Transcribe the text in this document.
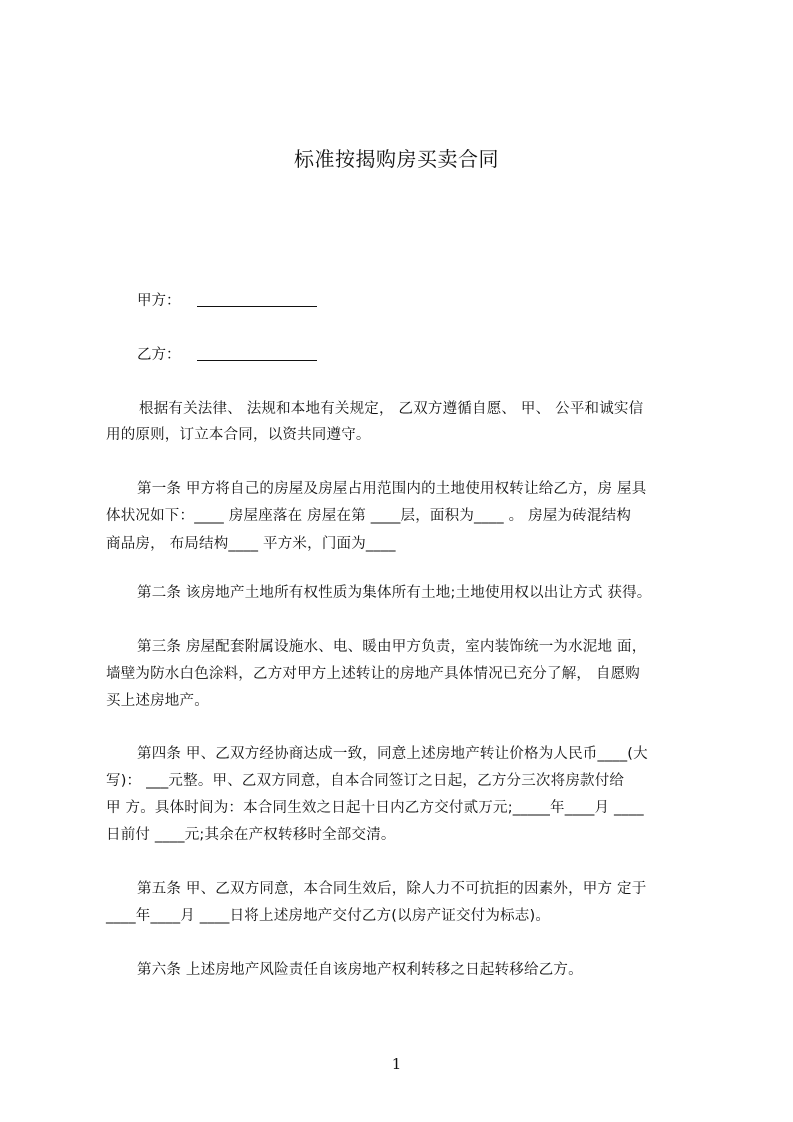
标准按揭购房买卖合同
甲方：
乙方：
根据有关法律、 法规和本地有关规定， 乙双方遵循自愿、 甲、 公平和诚实信
用的原则，订立本合同，以资共同遵守。
第一条 甲方将自己的房屋及房屋占用范围内的土地使用权转让给乙方，房 屋具
体状况如下：____ 房屋座落在 房屋在第 ____层，面积为____ 。 房屋为砖混结构
商品房， 布局结构____ 平方米，门面为____
第二条 该房地产土地所有权性质为集体所有土地;土地使用权以出让方式 获得。
第三条 房屋配套附属设施水、电、暖由甲方负责，室内装饰统一为水泥地 面，
墙壁为防水白色涂料，乙方对甲方上述转让的房地产具体情况已充分了解， 自愿购
买上述房地产。
第四条 甲、乙双方经协商达成一致，同意上述房地产转让价格为人民币____(大
写)： ___元整。甲、乙双方同意，自本合同签订之日起，乙方分三次将房款付给
甲 方。具体时间为：本合同生效之日起十日内乙方交付贰万元;_____年____月 ____
日前付 ____元;其余在产权转移时全部交清。
第五条 甲、乙双方同意，本合同生效后，除人力不可抗拒的因素外，甲方 定于
____年____月 ____日将上述房地产交付乙方(以房产证交付为标志)。
第六条 上述房地产风险责任自该房地产权利转移之日起转移给乙方。
1
